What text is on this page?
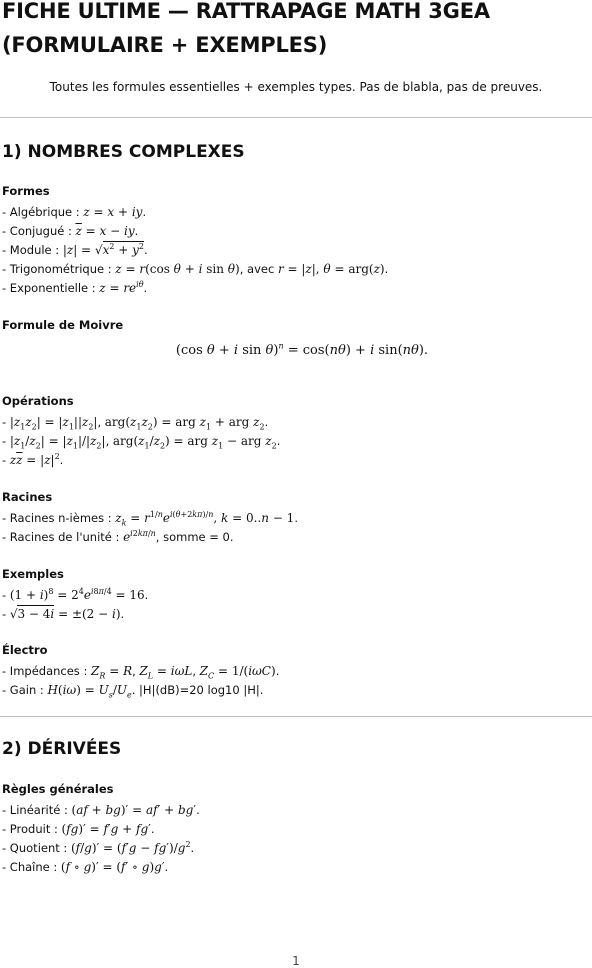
FICHE ULTIME — RATTRAPAGE MATH 3GEA (FORMULAIRE + EXEMPLES)

Toutes les formules essentielles + exemples types. Pas de blabla, pas de preuves.

1) NOMBRES COMPLEXES
Formes
- Algébrique : z = x + iy.
- Conjugué : $\overline{z} = x$ − iy.
- Module : $|z| = √x^2 + y^2$.
- Trigonométrique : z = r(cos θ + i sin θ), avec r = |z|, θ = arg(z).
- Exponentielle : $z = re^{i\theta}$.
Formule de Moivre
(cos θ + i sin θ)$^n$ = cos(nθ) + i sin(nθ).
Opérations
- $|z_1z_2| = |z_1||z_2|$, $arg(z_1z_2)$ = arg $z_1$ + arg $z_2$.
- $|z_1/z_2| = |z_1|/|z_2|$, $arg(z_1/z_2)$ = arg $z_1$ − arg $z_2$.
- $z\overline{z} = |z|^2$.
Racines
- Racines n-ièmes : $z_k = r^{1/n}e^{i(\theta+2k\pi)/n}$, k = 0..n − 1.
- Racines de l'unité : $e^{i2k\pi/n}$, somme = 0.
Exemples
- $(1 + i)^8 = 2^4e^{i8\pi/4} = 16$.
- √3 − 4i = ±(2 − i).
Électro
- Impédances : $Z_R = R$, $Z_L = i\omega L$, $Z_C = 1/(i\omega C)$.
- Gain : $H(i\omega) = U_s/U_e$. |H|(dB)=20 log10 |H|.
2) DÉRIVÉES
Règles générales
- Linéarité : (af + bg)′ = af′ + bg′.
- Produit : (fg)′ = f′g + fg′.
- Quotient : $(f/g)' = (f'g - fg')/g^2$.
- Chaîne : (f ∘ g)′ = (f′ ∘ g)g′.
1
